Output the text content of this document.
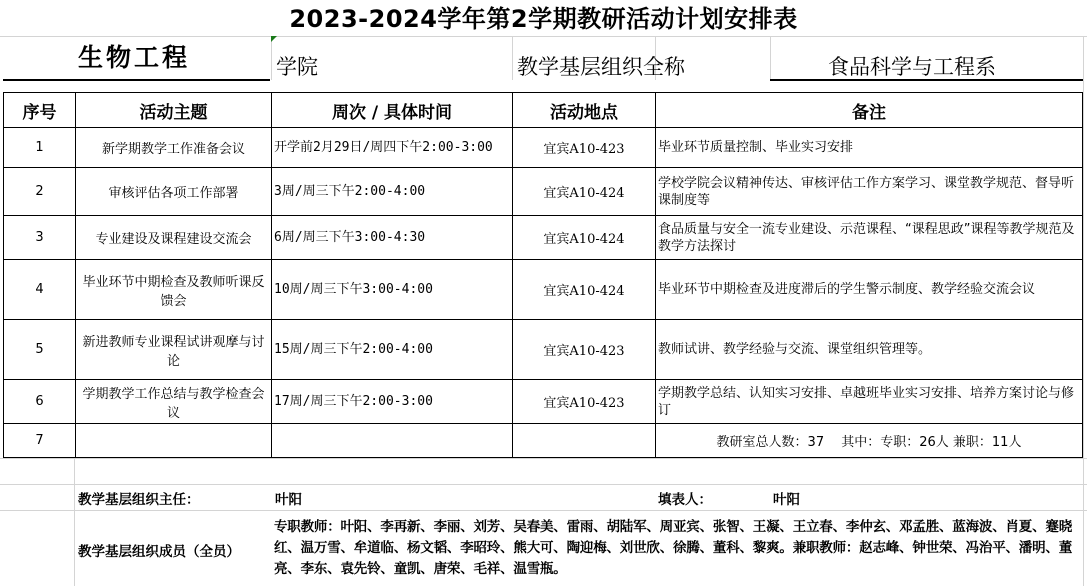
2023-2024学年第2学期教研活动计划安排表
生物工程	学院	教学基层组织全称	食品科学与工程系
序号	活动主题	周次 / 具体时间	活动地点	备注
1	新学期教学工作准备会议	开学前2月29日/周四下午2:00-3:00	宜宾A10-423	毕业环节质量控制、毕业实习安排
2	审核评估各项工作部署	3周/周三下午2:00-4:00	宜宾A10-424	学校学院会议精神传达、审核评估工作方案学习、课堂教学规范、督导听课制度等
3	专业建设及课程建设交流会	6周/周三下午3:00-4:30	宜宾A10-424	食品质量与安全一流专业建设、示范课程、“课程思政”课程等教学规范及教学方法探讨
4	毕业环节中期检查及教师听课反馈会	10周/周三下午3:00-4:00	宜宾A10-424	毕业环节中期检查及进度滞后的学生警示制度、教学经验交流会议
5	新进教师专业课程试讲观摩与讨论	15周/周三下午2:00-4:00	宜宾A10-423	教师试讲、教学经验与交流、课堂组织管理等。
6	学期教学工作总结与教学检查会议	17周/周三下午2:00-3:00	宜宾A10-423	学期教学总结、认知实习安排、卓越班毕业实习安排、培养方案讨论与修订
7				教研室总人数：37　 其中：专职：26人 兼职：11人
教学基层组织主任：	叶阳	填表人：	叶阳
教学基层组织成员（全员）
专职教师：叶阳、李再新、李丽、刘芳、吴春美、雷雨、胡陆军、周亚宾、张智、王凝、王立春、李仲玄、邓孟胜、蓝海波、肖夏、蹇晓红、温万雪、牟道临、杨文韬、李昭玲、熊大可、陶迎梅、刘世欣、徐腾、董科、黎爽。兼职教师：赵志峰、钟世荣、冯治平、潘明、董亮、李东、袁先铃、童凯、唐荣、毛祥、温雪瓶。
